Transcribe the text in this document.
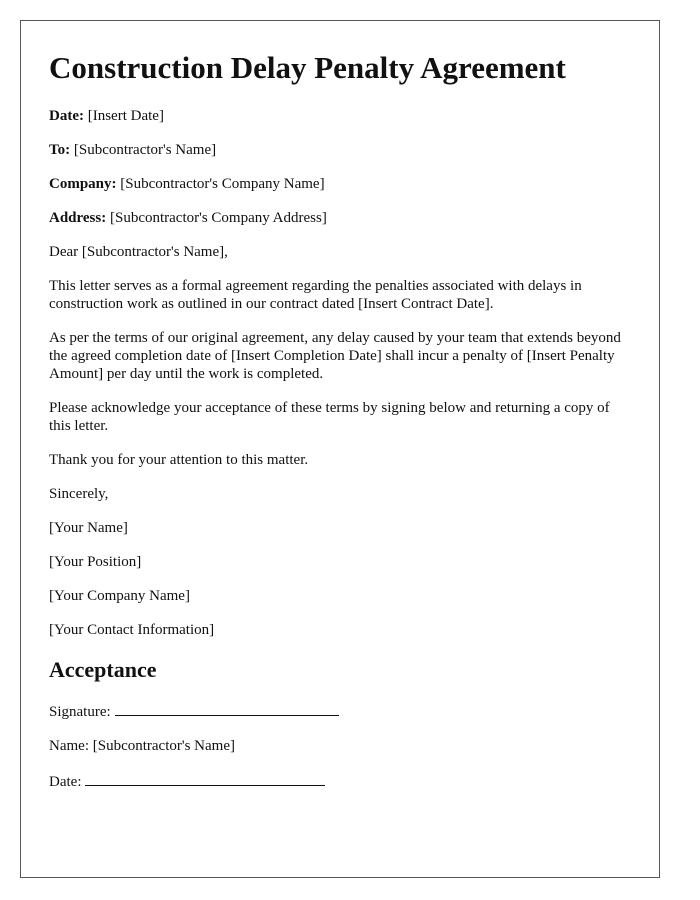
Construction Delay Penalty Agreement

Date: [Insert Date]

To: [Subcontractor's Name]

Company: [Subcontractor's Company Name]

Address: [Subcontractor's Company Address]

Dear [Subcontractor's Name],

This letter serves as a formal agreement regarding the penalties associated with delays in construction work as outlined in our contract dated [Insert Contract Date].

As per the terms of our original agreement, any delay caused by your team that extends beyond the agreed completion date of [Insert Completion Date] shall incur a penalty of [Insert Penalty Amount] per day until the work is completed.

Please acknowledge your acceptance of these terms by signing below and returning a copy of this letter.

Thank you for your attention to this matter.

Sincerely,

[Your Name]

[Your Position]

[Your Company Name]

[Your Contact Information]

Acceptance

Signature:

Name: [Subcontractor's Name]

Date:
